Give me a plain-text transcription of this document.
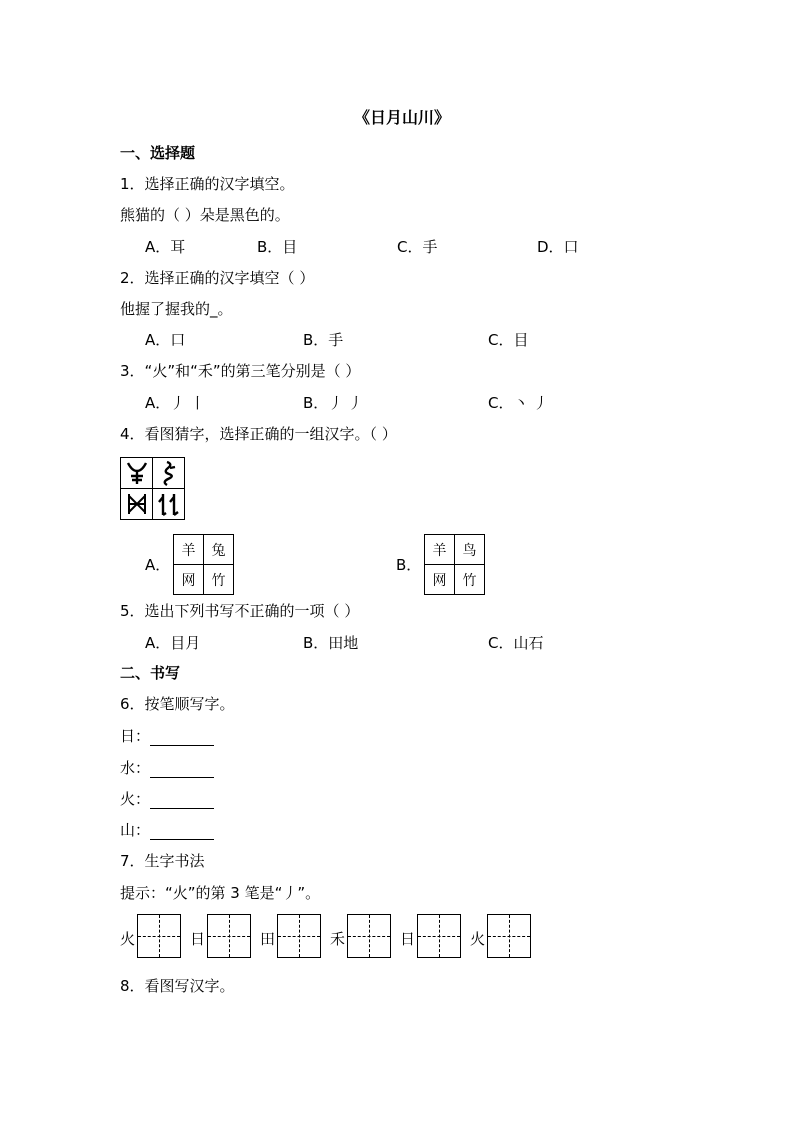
《日月山川》
一、选择题
1．选择正确的汉字填空。
熊猫的（ ）朵是黑色的。
A．耳	B．目	C．手	D．口
2．选择正确的汉字填空（ ）
他握了握我的_。
A．口	B．手	C．目
3．“火”和“禾”的第三笔分别是（ ）
A．丿 丨	B．丿 丿	C．丶 丿
4．看图猜字，选择正确的一组汉字。（ ）

A．
羊	兔
网	竹
B．
羊	鸟
网	竹
5．选出下列书写不正确的一项（ ）
A．目月	B．田地	C．山石
二、书写
6．按笔顺写字。
日：
水：
火：
山：
7．生字书法
提示：“火”的第 3 笔是“丿”。
火	日	田	禾	日	火
8．看图写汉字。
